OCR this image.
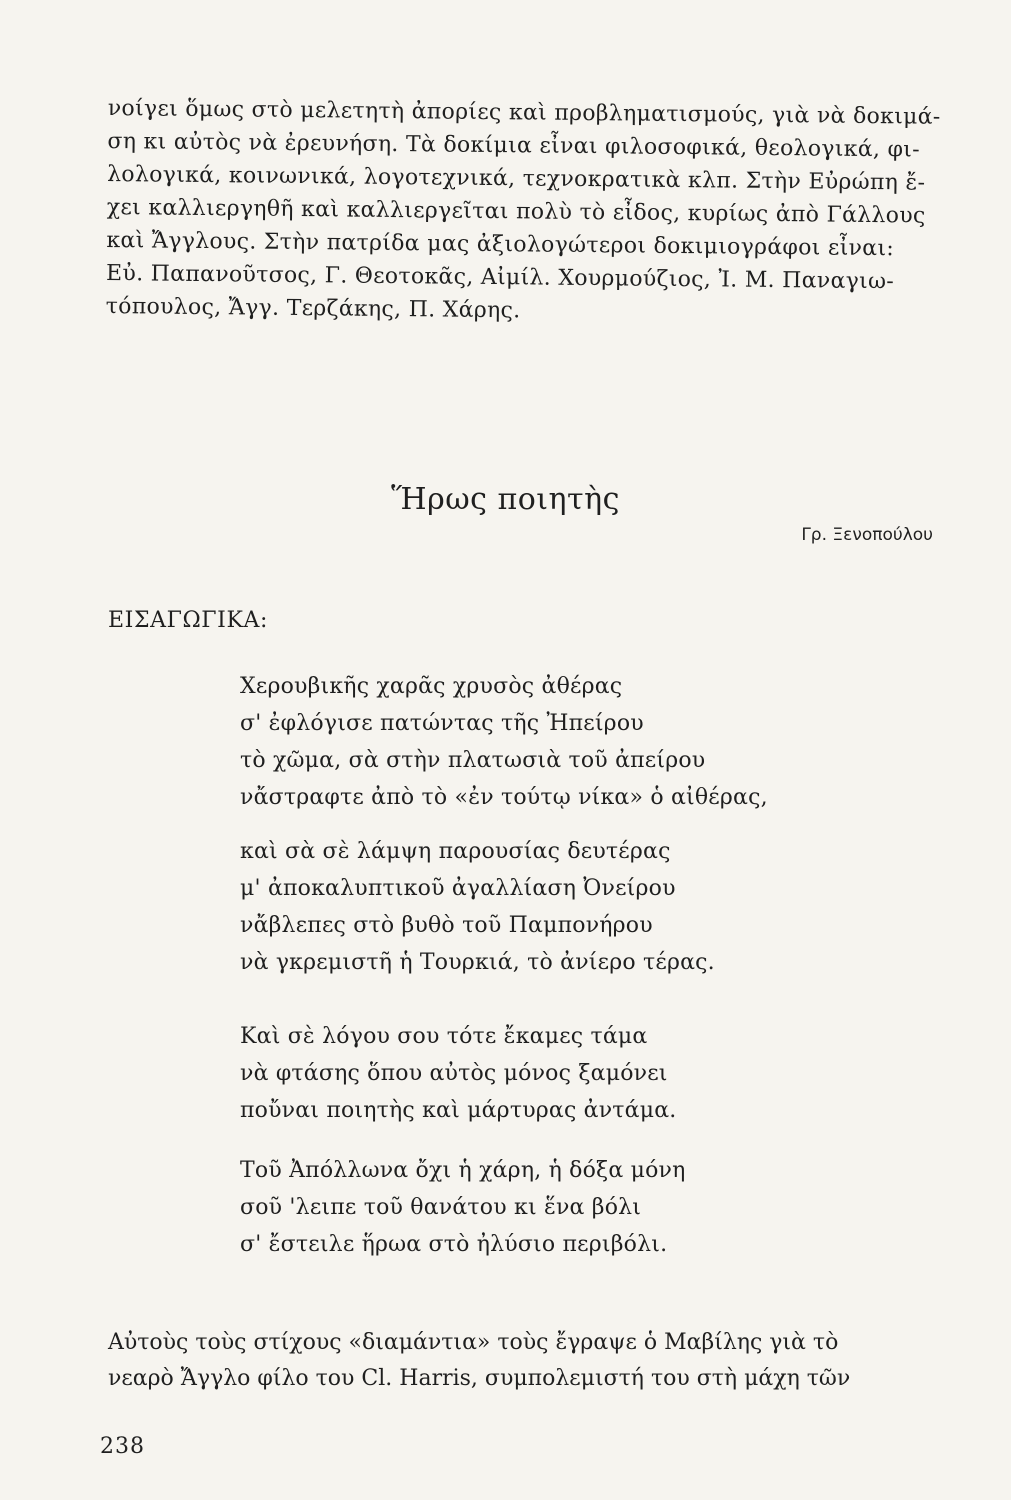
νοίγει ὅμως στὸ μελετητὴ ἀπορίες καὶ προβληματισμούς, γιὰ νὰ δοκιμά-
ση κι αὐτὸς νὰ ἐρευνήση. Τὰ δοκίμια εἶναι φιλοσοφικά, θεολογικά, φι-
λολογικά, κοινωνικά, λογοτεχνικά, τεχνοκρατικὰ κλπ. Στὴν Εὐρώπη ἔ-
χει καλλιεργηθῆ καὶ καλλιεργεῖται πολὺ τὸ εἶδος, κυρίως ἀπὸ Γάλλους
καὶ Ἄγγλους. Στὴν πατρίδα μας ἀξιολογώτεροι δοκιμιογράφοι εἶναι:
Εὐ. Παπανοῦτσος, Γ. Θεοτοκᾶς, Αἰμίλ. Χουρμούζιος, Ἰ. Μ. Παναγιω-
τόπουλος, Ἄγγ. Τερζάκης, Π. Χάρης.
Ἥρως ποιητὴς
Γρ. Ξενοπούλου
ΕΙΣΑΓΩΓΙΚΑ:
Χερουβικῆς χαρᾶς χρυσὸς ἀθέρας
σ' ἐφλόγισε πατώντας τῆς Ἠπείρου
τὸ χῶμα, σὰ στὴν πλατωσιὰ τοῦ ἀπείρου
νἄστραφτε ἀπὸ τὸ «ἐν τούτῳ νίκα» ὁ αἰθέρας,
καὶ σὰ σὲ λάμψη παρουσίας δευτέρας
μ' ἀποκαλυπτικοῦ ἀγαλλίαση Ὀνείρου
νἄβλεπες στὸ βυθὸ τοῦ Παμπονήρου
νὰ γκρεμιστῆ ἡ Τουρκιά, τὸ ἀνίερο τέρας.
Καὶ σὲ λόγου σου τότε ἔκαμες τάμα
νὰ φτάσης ὅπου αὐτὸς μόνος ξαμόνει
ποὔναι ποιητὴς καὶ μάρτυρας ἀντάμα.
Τοῦ Ἀπόλλωνα ὄχι ἡ χάρη, ἡ δόξα μόνη
σοῦ 'λειπε τοῦ θανάτου κι ἕνα βόλι
σ' ἔστειλε ἥρωα στὸ ἠλύσιο περιβόλι.
Αὐτοὺς τοὺς στίχους «διαμάντια» τοὺς ἔγραψε ὁ Μαβίλης γιὰ τὸ
νεαρὸ Ἄγγλο φίλο του Cl. Harris, συμπολεμιστή του στὴ μάχη τῶν
238
